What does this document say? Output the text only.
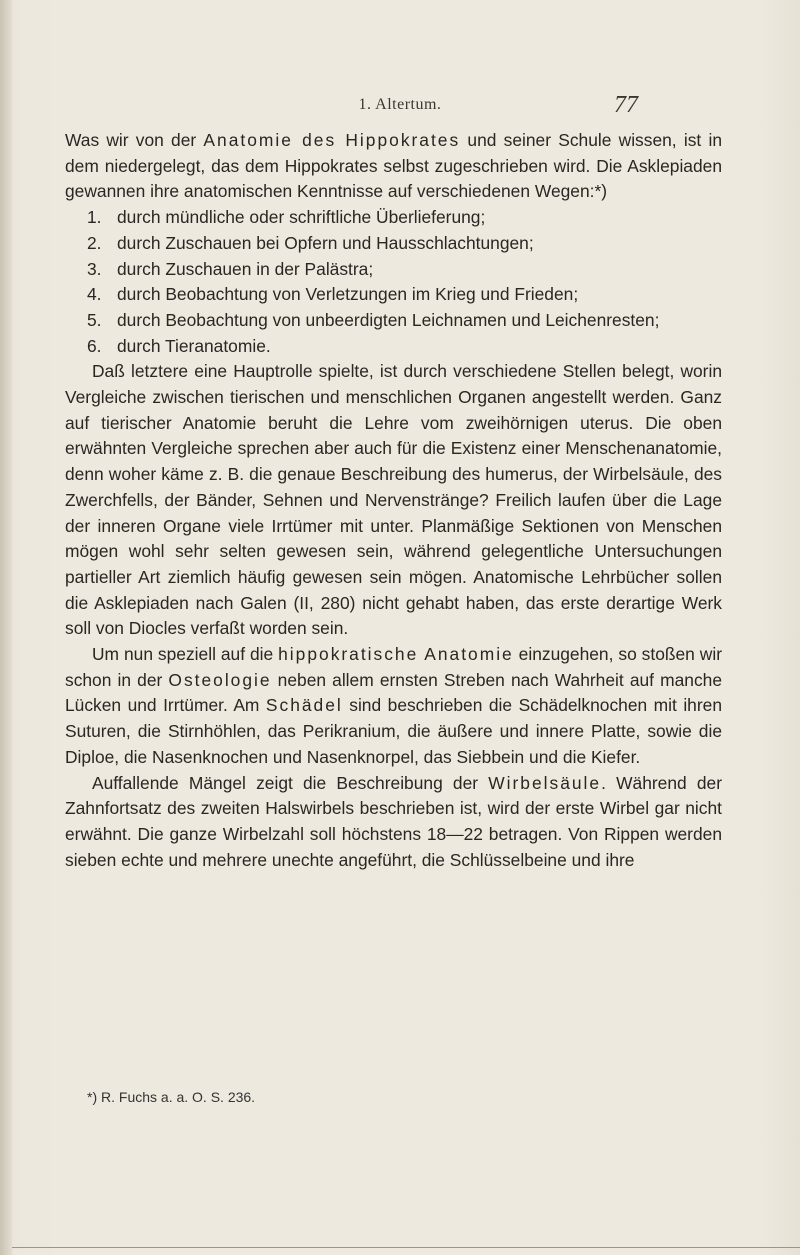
1. Altertum.	77

Was wir von der Anatomie des Hippokrates und seiner Schule wissen, ist in dem niedergelegt, das dem Hippokrates selbst zugeschrieben wird. Die Asklepiaden gewannen ihre anatomischen Kenntnisse auf verschiedenen Wegen:*)

1. durch mündliche oder schriftliche Überlieferung;
2. durch Zuschauen bei Opfern und Hausschlachtungen;
3. durch Zuschauen in der Palästra;
4. durch Beobachtung von Verletzungen im Krieg und Frieden;
5. durch Beobachtung von unbeerdigten Leichnamen und Leichenresten;
6. durch Tieranatomie.

Daß letztere eine Hauptrolle spielte, ist durch verschiedene Stellen belegt, worin Vergleiche zwischen tierischen und menschlichen Organen angestellt werden. Ganz auf tierischer Anatomie beruht die Lehre vom zweihörnigen uterus. Die oben erwähnten Vergleiche sprechen aber auch für die Existenz einer Menschenanatomie, denn woher käme z. B. die genaue Beschreibung des humerus, der Wirbelsäule, des Zwerchfells, der Bänder, Sehnen und Nervenstränge? Freilich laufen über die Lage der inneren Organe viele Irrtümer mit unter. Planmäßige Sektionen von Menschen mögen wohl sehr selten gewesen sein, während gelegentliche Untersuchungen partieller Art ziemlich häufig gewesen sein mögen. Anatomische Lehrbücher sollen die Asklepiaden nach Galen (II, 280) nicht gehabt haben, das erste derartige Werk soll von Diocles verfaßt worden sein.

Um nun speziell auf die hippokratische Anatomie einzugehen, so stoßen wir schon in der Osteologie neben allem ernsten Streben nach Wahrheit auf manche Lücken und Irrtümer. Am Schädel sind beschrieben die Schädelknochen mit ihren Suturen, die Stirnhöhlen, das Perikranium, die äußere und innere Platte, sowie die Diploe, die Nasenknochen und Nasenknorpel, das Siebbein und die Kiefer.

Auffallende Mängel zeigt die Beschreibung der Wirbelsäule. Während der Zahnfortsatz des zweiten Halswirbels beschrieben ist, wird der erste Wirbel gar nicht erwähnt. Die ganze Wirbelzahl soll höchstens 18—22 betragen. Von Rippen werden sieben echte und mehrere unechte angeführt, die Schlüsselbeine und ihre

*) R. Fuchs a. a. O. S. 236.
